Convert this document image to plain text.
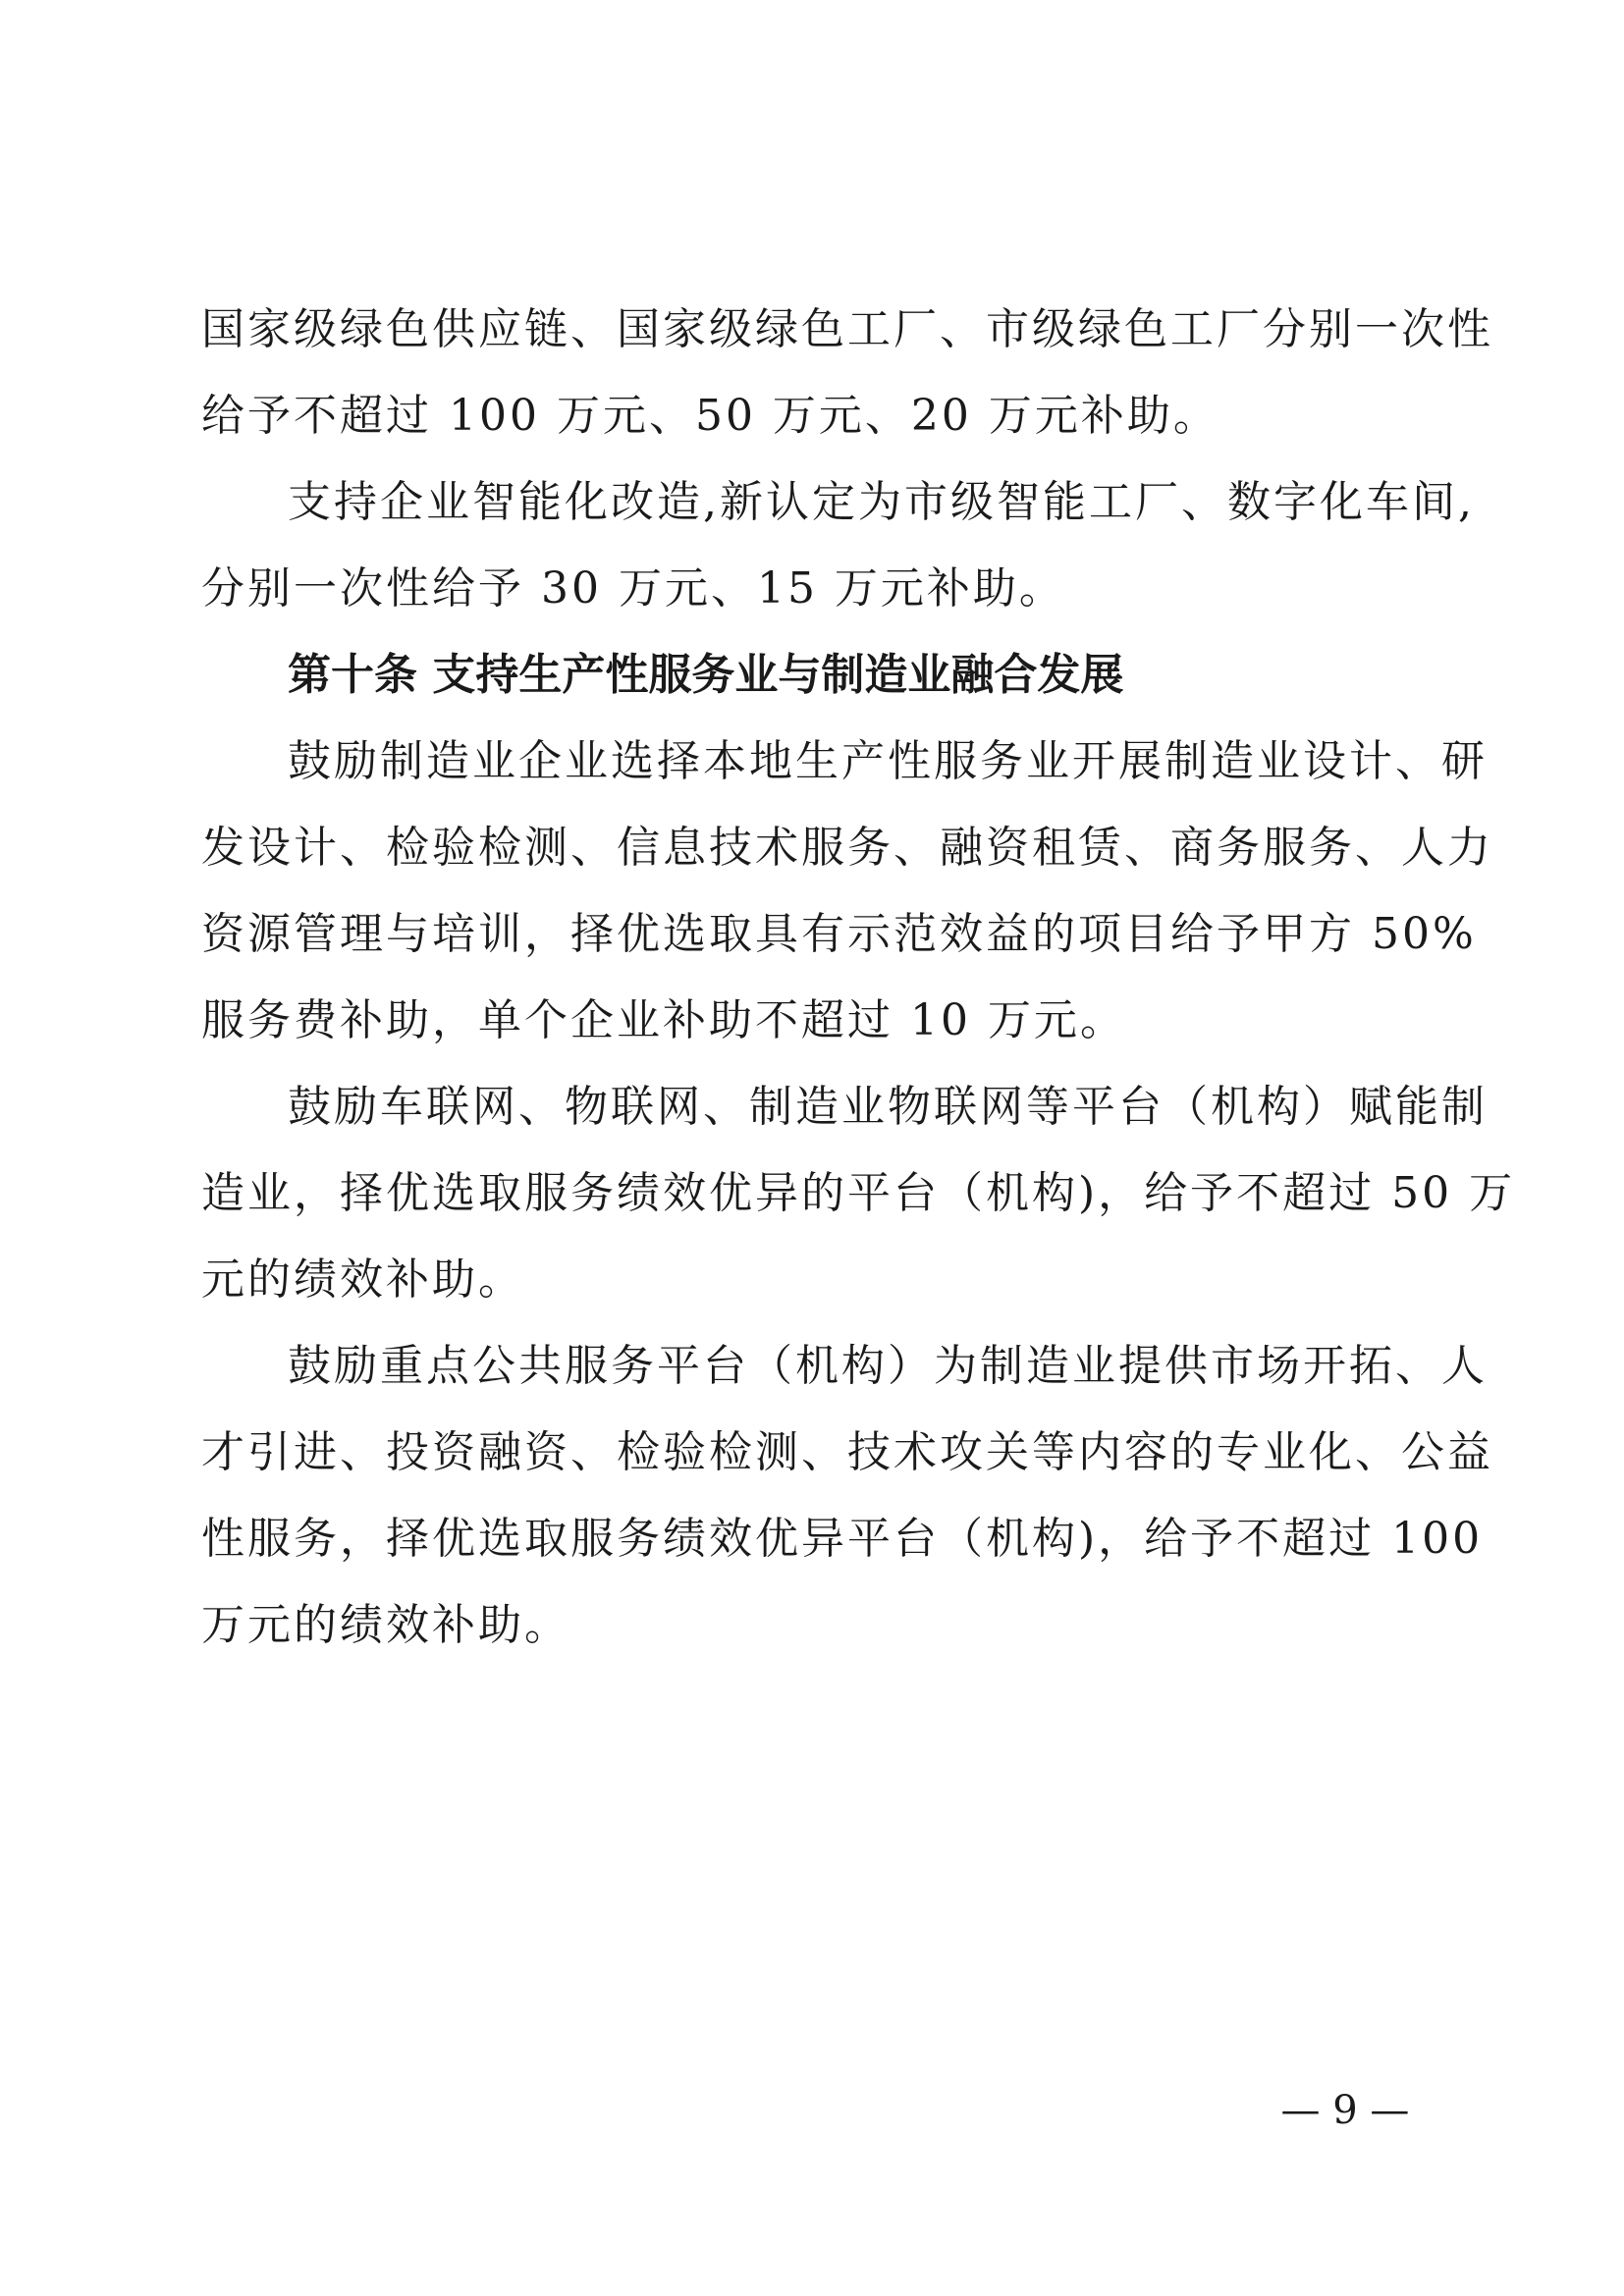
国家级绿色供应链、国家级绿色工厂、市级绿色工厂分别一次性
给予不超过 100 万元、50 万元、20 万元补助。
支持企业智能化改造,新认定为市级智能工厂、数字化车间,
分别一次性给予 30 万元、15 万元补助。
第十条 支持生产性服务业与制造业融合发展
鼓励制造业企业选择本地生产性服务业开展制造业设计、研
发设计、检验检测、信息技术服务、融资租赁、商务服务、人力
资源管理与培训，择优选取具有示范效益的项目给予甲方 50%
服务费补助，单个企业补助不超过 10 万元。
鼓励车联网、物联网、制造业物联网等平台（机构）赋能制
造业，择优选取服务绩效优异的平台（机构)，给予不超过 50 万
元的绩效补助。
鼓励重点公共服务平台（机构）为制造业提供市场开拓、人
才引进、投资融资、检验检测、技术攻关等内容的专业化、公益
性服务，择优选取服务绩效优异平台（机构)，给予不超过 100
万元的绩效补助。
— 9 —
